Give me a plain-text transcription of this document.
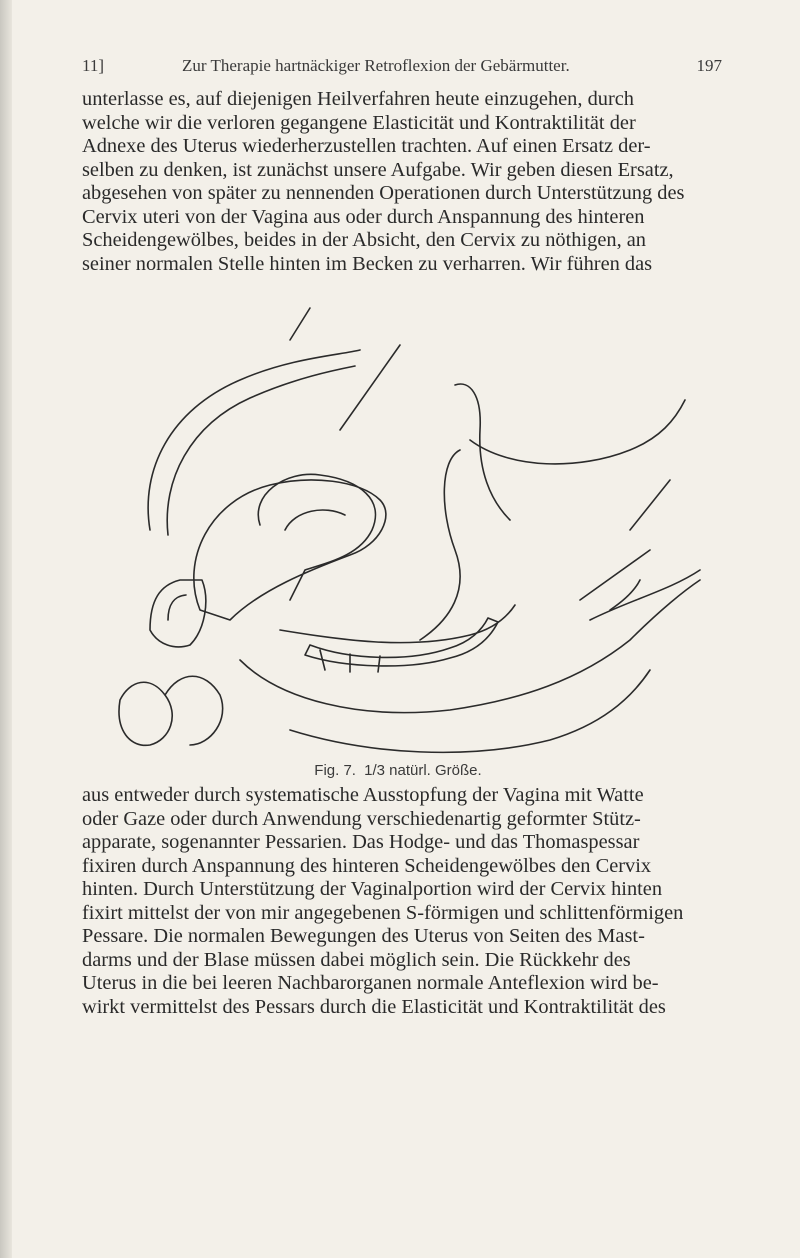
11]	Zur Therapie hartnäckiger Retroflexion der Gebärmutter.	197

unterlasse es, auf diejenigen Heilverfahren heute einzugehen, durch
welche wir die verloren gegangene Elasticität und Kontraktilität der
Adnexe des Uterus wiederherzustellen trachten. Auf einen Ersatz der-
selben zu denken, ist zunächst unsere Aufgabe. Wir geben diesen Ersatz,
abgesehen von später zu nennenden Operationen durch Unterstützung des
Cervix uteri von der Vagina aus oder durch Anspannung des hinteren
Scheidengewölbes, beides in der Absicht, den Cervix zu nöthigen, an
seiner normalen Stelle hinten im Becken zu verharren. Wir führen das

Fig. 7. 1/3 natürl. Größe.

aus entweder durch systematische Ausstopfung der Vagina mit Watte
oder Gaze oder durch Anwendung verschiedenartig geformter Stütz-
apparate, sogenannter Pessarien. Das Hodge- und das Thomaspessar
fixiren durch Anspannung des hinteren Scheidengewölbes den Cervix
hinten. Durch Unterstützung der Vaginalportion wird der Cervix hinten
fixirt mittelst der von mir angegebenen S-förmigen und schlittenförmigen
Pessare. Die normalen Bewegungen des Uterus von Seiten des Mast-
darms und der Blase müssen dabei möglich sein. Die Rückkehr des
Uterus in die bei leeren Nachbarorganen normale Anteflexion wird be-
wirkt vermittelst des Pessars durch die Elasticität und Kontraktilität des
